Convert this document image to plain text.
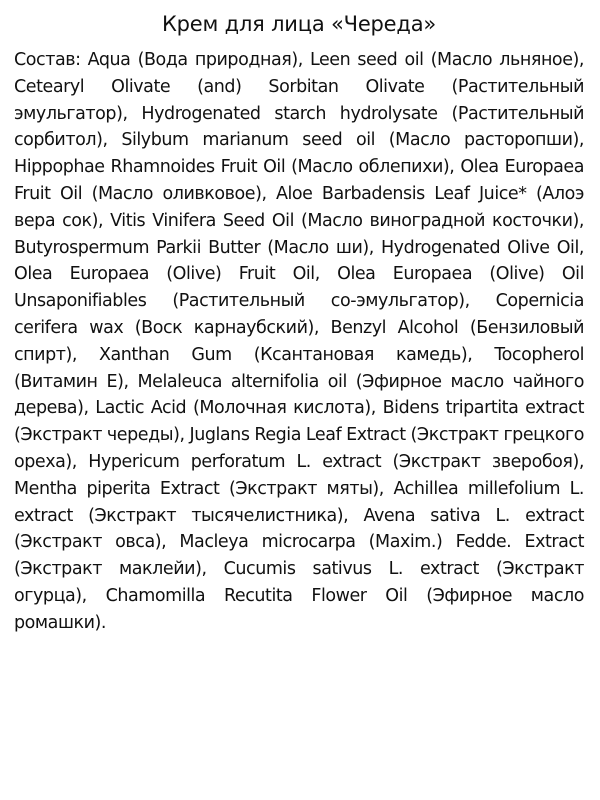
Крем для лица «Череда»

Состав: Aqua (Вода природная), Leen seed oil (Масло льняное), Cetearyl Olivate (and) Sorbitan Olivate (Растительный эмульгатор), Hydrogenated starch hydrolysate (Растительный сорбитол), Silybum marianum seed oil (Масло расторопши), Hippophae Rhamnoides Fruit Oil (Масло облепихи), Olea Europaea Fruit Oil (Масло оливковое), Aloe Barbadensis Leaf Juice* (Алоэ вера сок), Vitis Vinifera Seed Oil (Масло виноградной косточки), Butyrospermum Parkii Butter (Масло ши), Hydrogenated Olive Oil, Olea Europaea (Olive) Fruit Oil, Olea Europaea (Olive) Oil Unsaponifiables (Растительный со-эмульгатор), Copernicia cerifera wax (Воск карнаубский), Benzyl Alcohol (Бензиловый спирт), Xanthan Gum (Ксантановая камедь), Tocopherol (Витамин Е), Melaleuca alternifolia oil (Эфирное масло чайного дерева), Lactic Acid (Молочная кислота), Bidens tripartita extract (Экстракт череды), Juglans Regia Leaf Extract (Экстракт грецкого ореха), Hypericum perforatum L. extract (Экстракт зверобоя), Mentha piperita Extract (Экстракт мяты), Achillea millefolium L. extract (Экстракт тысячелистника), Avena sativa L. extract (Экстракт овса), Macleya microcarpa (Maxim.) Fedde. Extract (Экстракт маклейи), Cucumis sativus L. extract (Экстракт огурца), Chamomilla Recutita Flower Oil (Эфирное масло ромашки).
